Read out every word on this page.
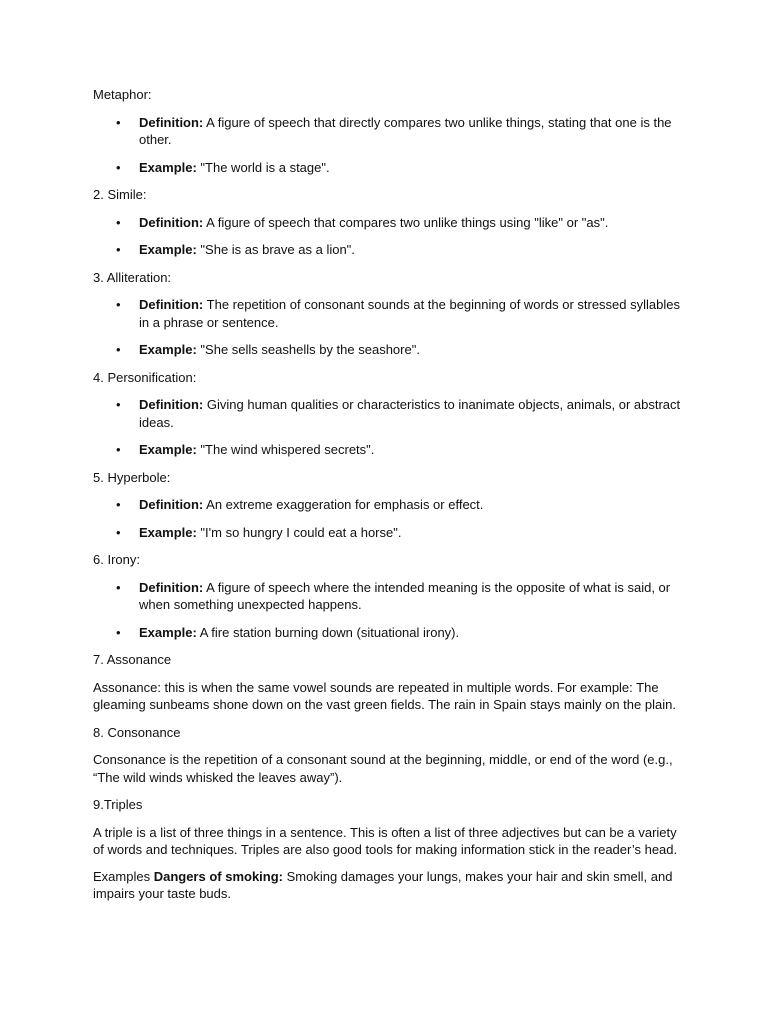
Metaphor:

• Definition: A figure of speech that directly compares two unlike things, stating that one is the other.
• Example: "The world is a stage".

2. Simile:

• Definition: A figure of speech that compares two unlike things using "like" or "as".
• Example: "She is as brave as a lion".

3. Alliteration:

• Definition: The repetition of consonant sounds at the beginning of words or stressed syllables in a phrase or sentence.
• Example: "She sells seashells by the seashore".

4. Personification:

• Definition: Giving human qualities or characteristics to inanimate objects, animals, or abstract ideas.
• Example: "The wind whispered secrets".

5. Hyperbole:

• Definition: An extreme exaggeration for emphasis or effect.
• Example: "I'm so hungry I could eat a horse".

6. Irony:

• Definition: A figure of speech where the intended meaning is the opposite of what is said, or when something unexpected happens.
• Example: A fire station burning down (situational irony).

7. Assonance

Assonance: this is when the same vowel sounds are repeated in multiple words. For example: The gleaming sunbeams shone down on the vast green fields. The rain in Spain stays mainly on the plain.

8. Consonance

Consonance is the repetition of a consonant sound at the beginning, middle, or end of the word (e.g., “The wild winds whisked the leaves away”).

9.Triples

A triple is a list of three things in a sentence. This is often a list of three adjectives but can be a variety of words and techniques. Triples are also good tools for making information stick in the reader’s head.

Examples Dangers of smoking: Smoking damages your lungs, makes your hair and skin smell, and impairs your taste buds.
